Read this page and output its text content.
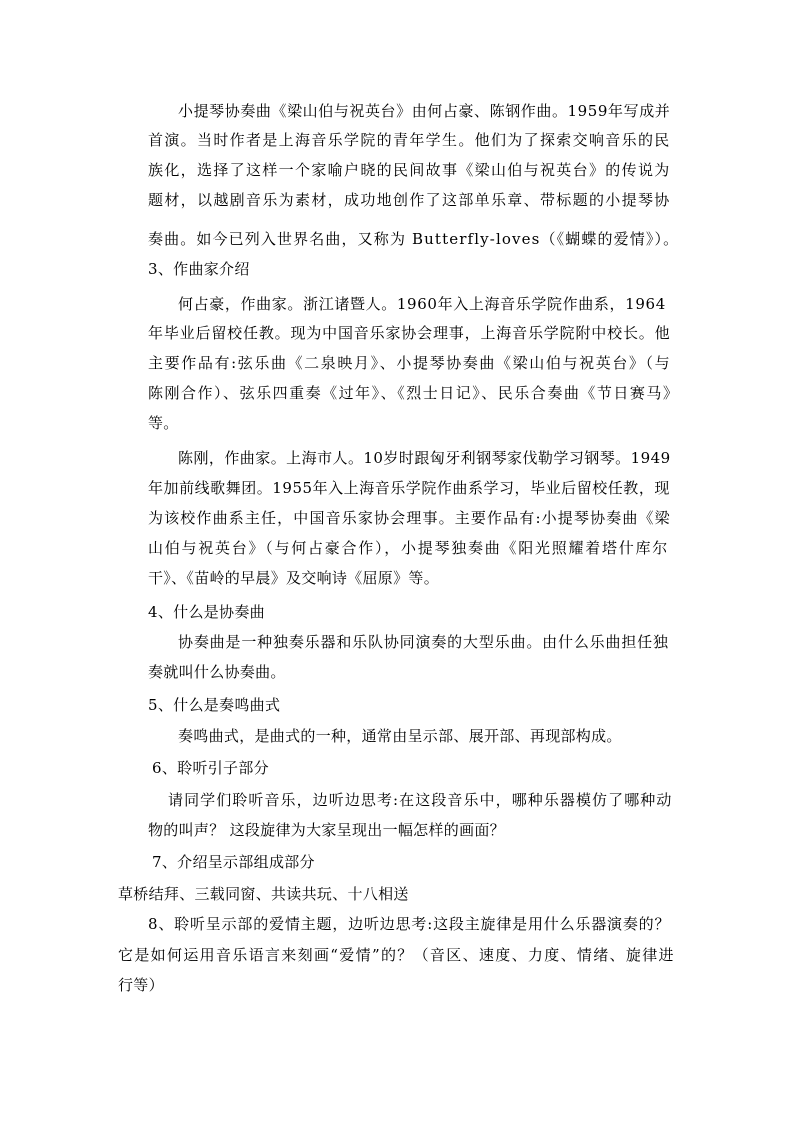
小提琴协奏曲《梁山伯与祝英台》由何占豪、陈钢作曲。1959年写成并
首演。当时作者是上海音乐学院的青年学生。他们为了探索交响音乐的民
族化，选择了这样一个家喻户晓的民间故事《梁山伯与祝英台》的传说为
题材，以越剧音乐为素材，成功地创作了这部单乐章、带标题的小提琴协
奏曲。如今已列入世界名曲，又称为 Butterfly-loves（《蝴蝶的爱情》）。
3、作曲家介绍
何占豪，作曲家。浙江诸暨人。1960年入上海音乐学院作曲系，1964
年毕业后留校任教。现为中国音乐家协会理事，上海音乐学院附中校长。他
主要作品有:弦乐曲《二泉映月》、小提琴协奏曲《梁山伯与祝英台》（与
陈刚合作）、弦乐四重奏《过年》、《烈士日记》、民乐合奏曲《节日赛马》
等。
陈刚，作曲家。上海市人。10岁时跟匈牙利钢琴家伐勒学习钢琴。1949
年加前线歌舞团。1955年入上海音乐学院作曲系学习，毕业后留校任教，现
为该校作曲系主任，中国音乐家协会理事。主要作品有:小提琴协奏曲《梁
山伯与祝英台》（与何占豪合作），小提琴独奏曲《阳光照耀着塔什库尔
干》、《苗岭的早晨》及交响诗《屈原》等。
4、什么是协奏曲
协奏曲是一种独奏乐器和乐队协同演奏的大型乐曲。由什么乐曲担任独
奏就叫什么协奏曲。
5、什么是奏鸣曲式
奏鸣曲式，是曲式的一种，通常由呈示部、展开部、再现部构成。
6、聆听引子部分
请同学们聆听音乐，边听边思考:在这段音乐中，哪种乐器模仿了哪种动
物的叫声？ 这段旋律为大家呈现出一幅怎样的画面？
7、介绍呈示部组成部分
草桥结拜、三载同窗、共读共玩、十八相送
8、聆听呈示部的爱情主题，边听边思考:这段主旋律是用什么乐器演奏的？
它是如何运用音乐语言来刻画“爱情”的？（音区、速度、力度、情绪、旋律进
行等）
